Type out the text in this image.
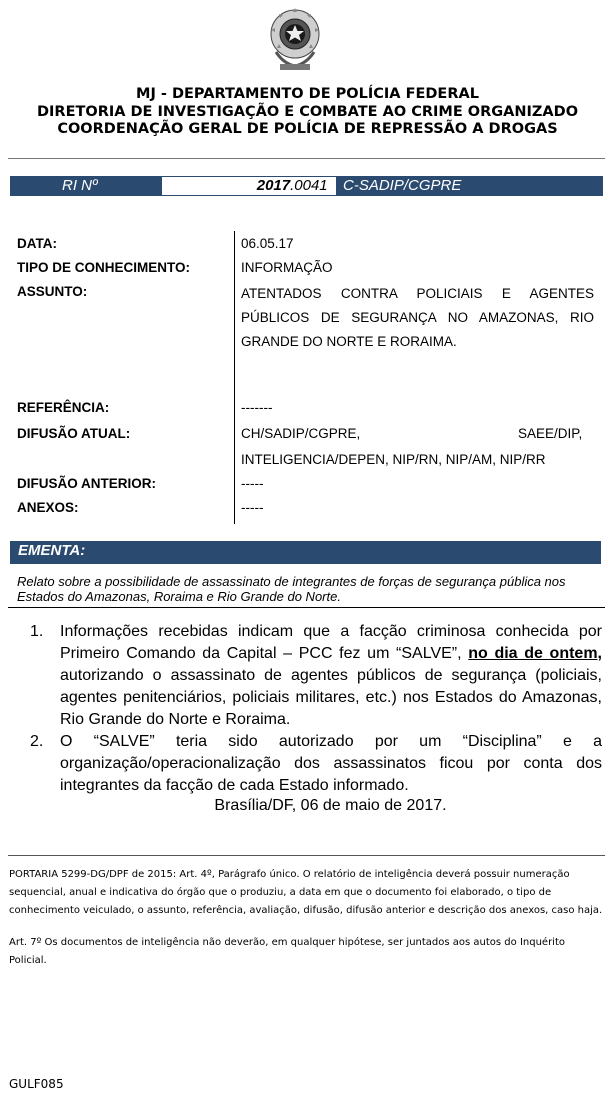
MJ - DEPARTAMENTO DE POLÍCIA FEDERAL
DIRETORIA DE INVESTIGAÇÃO E COMBATE AO CRIME ORGANIZADO
COORDENAÇÃO GERAL DE POLÍCIA DE REPRESSÃO A DROGAS
RI Nº	2017.0041	C-SADIP/CGPRE
DATA:	06.05.17
TIPO DE CONHECIMENTO:	INFORMAÇÃO
ASSUNTO:	ATENTADOS CONTRA POLICIAIS E AGENTES PÚBLICOS DE SEGURANÇA NO AMAZONAS, RIO GRANDE DO NORTE E RORAIMA.
REFERÊNCIA:	-------
DIFUSÃO ATUAL:	CH/SADIP/CGPRE,	SAEE/DIP,
INTELIGENCIA/DEPEN, NIP/RN, NIP/AM, NIP/RR
DIFUSÃO ANTERIOR:	-----
ANEXOS:	-----
EMENTA:
Relato sobre a possibilidade de assassinato de integrantes de forças de segurança pública nos Estados do Amazonas, Roraima e Rio Grande do Norte.
1.	Informações recebidas indicam que a facção criminosa conhecida por Primeiro Comando da Capital – PCC fez um “SALVE”, no dia de ontem, autorizando o assassinato de agentes públicos de segurança (policiais, agentes penitenciários, policiais militares, etc.) nos Estados do Amazonas, Rio Grande do Norte e Roraima.
2.	O “SALVE” teria sido autorizado por um “Disciplina” e a organização/operacionalização dos assassinatos ficou por conta dos integrantes da facção de cada Estado informado.
Brasília/DF, 06 de maio de 2017.
PORTARIA 5299-DG/DPF de 2015: Art. 4º, Parágrafo único. O relatório de inteligência deverá possuir numeração sequencial, anual e indicativa do órgão que o produziu, a data em que o documento foi elaborado, o tipo de conhecimento veiculado, o assunto, referência, avaliação, difusão, difusão anterior e descrição dos anexos, caso haja.
Art. 7º Os documentos de inteligência não deverão, em qualquer hipótese, ser juntados aos autos do Inquérito Policial.
GULF085
